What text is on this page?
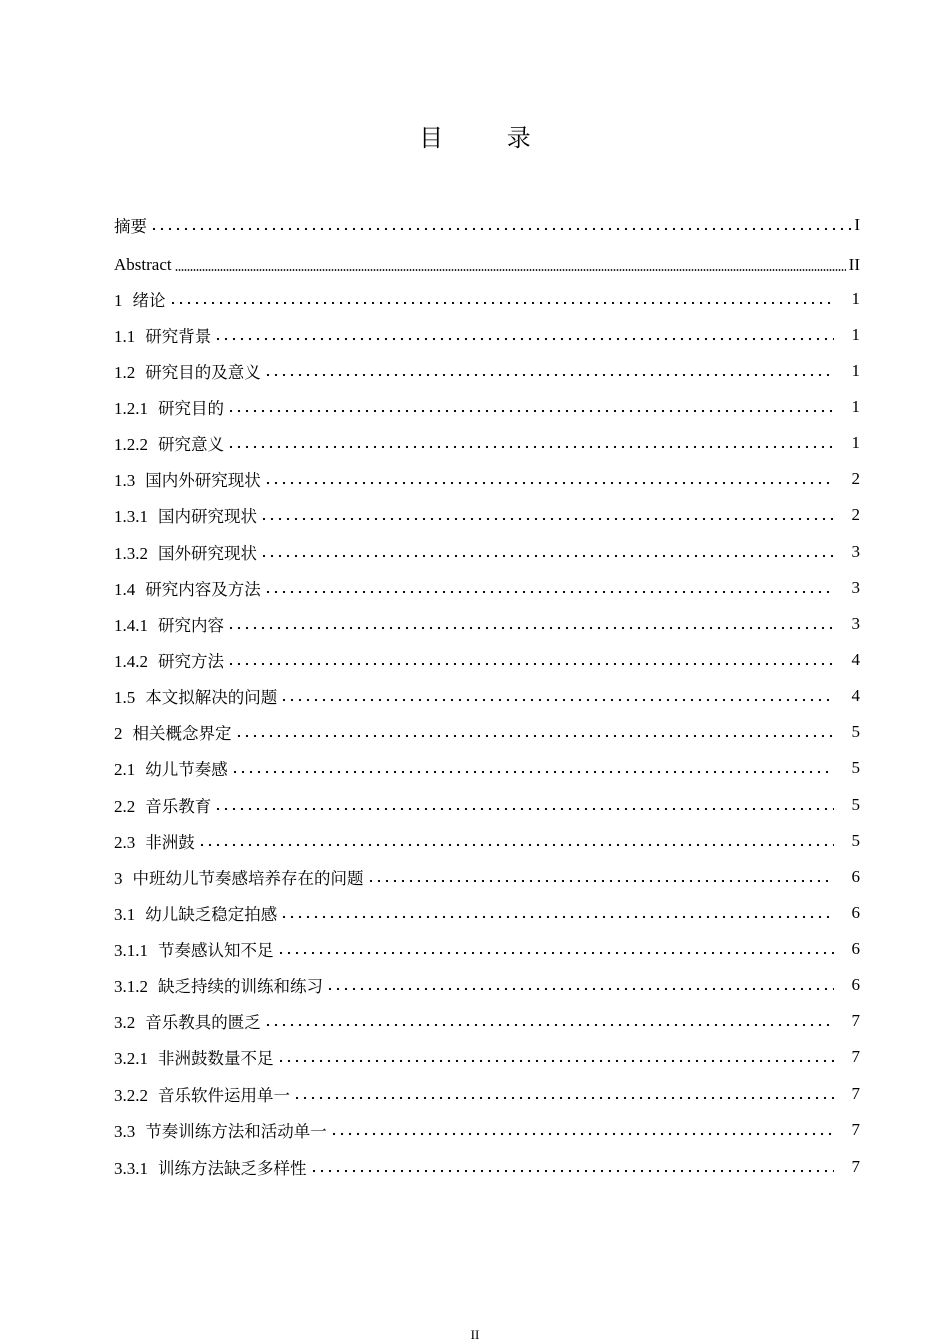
目 录
摘要	I
Abstract	II
1 绪论	1
1.1 研究背景	1
1.2 研究目的及意义	1
1.2.1 研究目的	1
1.2.2 研究意义	1
1.3 国内外研究现状	2
1.3.1 国内研究现状	2
1.3.2 国外研究现状	3
1.4 研究内容及方法	3
1.4.1 研究内容	3
1.4.2 研究方法	4
1.5 本文拟解决的问题	4
2 相关概念界定	5
2.1 幼儿节奏感	5
2.2 音乐教育	5
2.3 非洲鼓	5
3 中班幼儿节奏感培养存在的问题	6
3.1 幼儿缺乏稳定拍感	6
3.1.1 节奏感认知不足	6
3.1.2 缺乏持续的训练和练习	6
3.2 音乐教具的匮乏	7
3.2.1 非洲鼓数量不足	7
3.2.2 音乐软件运用单一	7
3.3 节奏训练方法和活动单一	7
3.3.1 训练方法缺乏多样性	7
II
